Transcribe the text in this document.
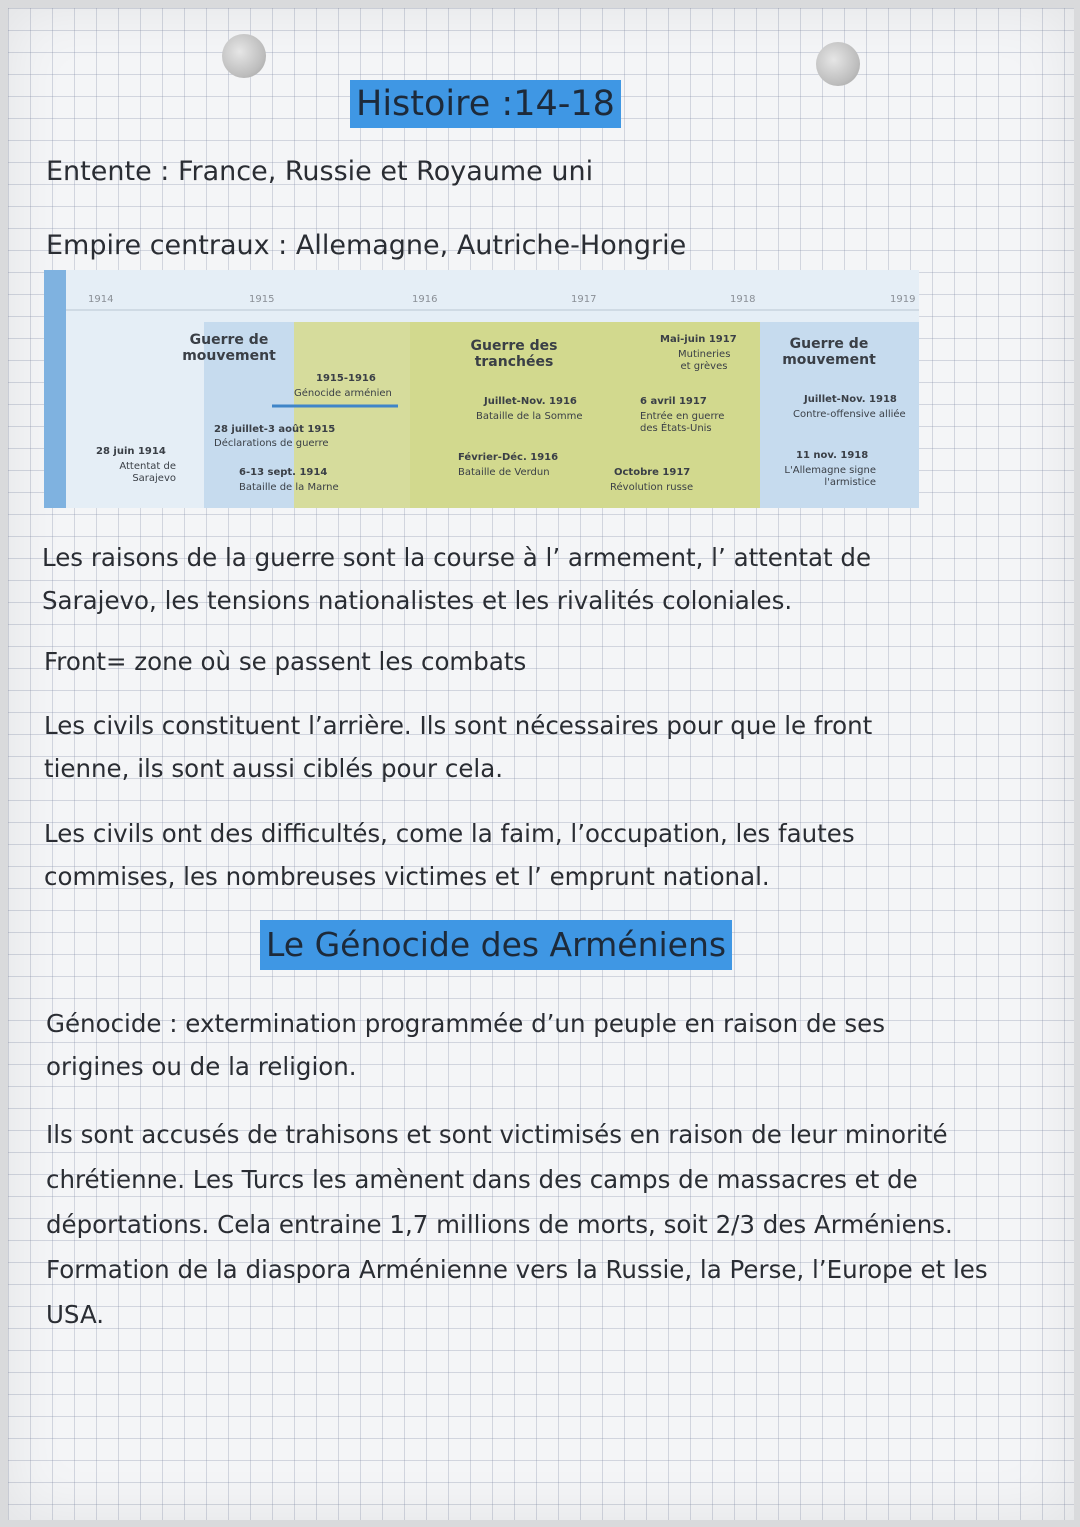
Histoire :14-18
Entente : France, Russie et Royaume uni
Empire centraux : Allemagne, Autriche-Hongrie
1914	1915	1916	1917	1918	1919
Guerre de mouvement
Guerre des tranchées
Guerre de mouvement
28 juin 1914
Attentat de Sarajevo
1915-1916
Génocide arménien
28 juillet-3 août 1915
Déclarations de guerre
6-13 sept. 1914
Bataille de la Marne
Juillet-Nov. 1916
Bataille de la Somme
Février-Déc. 1916
Bataille de Verdun
Mai-juin 1917
Mutineries et grèves
6 avril 1917
Entrée en guerre des États-Unis
Octobre 1917
Révolution russe
Juillet-Nov. 1918
Contre-offensive alliée
11 nov. 1918
L'Allemagne signe l'armistice
Les raisons de la guerre sont la course à l’ armement, l’ attentat de Sarajevo, les tensions nationalistes et les rivalités coloniales.
Front= zone où se passent les combats
Les civils constituent l’arrière. Ils sont nécessaires pour que le front tienne, ils sont aussi ciblés pour cela.
Les civils ont des difficultés, come la faim, l’occupation, les fautes commises, les nombreuses victimes et l’ emprunt national.
Le Génocide des Arméniens
Génocide : extermination programmée d’un peuple en raison de ses origines ou de la religion.
Ils sont accusés de trahisons et sont victimisés en raison de leur minorité chrétienne. Les Turcs les amènent dans des camps de massacres et de déportations. Cela entraine 1,7 millions de morts, soit 2/3 des Arméniens. Formation de la diaspora Arménienne vers la Russie, la Perse, l’Europe et les USA.
